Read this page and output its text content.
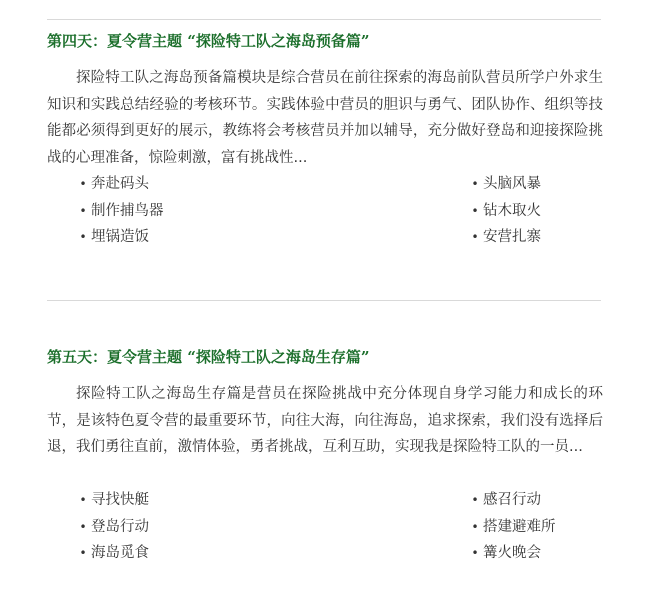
第四天：夏令营主题 “探险特工队之海岛预备篇”

探险特工队之海岛预备篇模块是综合营员在前往探索的海岛前队营员所学户外求生知识和实践总结经验的考核环节。实践体验中营员的胆识与勇气、团队协作、组织等技能都必须得到更好的展示，教练将会考核营员并加以辅导，充分做好登岛和迎接探险挑战的心理准备，惊险刺激，富有挑战性...

• 奔赴码头
• 制作捕鸟器
• 埋锅造饭
• 头脑风暴
• 钻木取火
• 安营扎寨
第五天：夏令营主题 “探险特工队之海岛生存篇”

探险特工队之海岛生存篇是营员在探险挑战中充分体现自身学习能力和成长的环节，是该特色夏令营的最重要环节，向往大海，向往海岛，追求探索，我们没有选择后退，我们勇往直前，激情体验，勇者挑战，互利互助，实现我是探险特工队的一员...

• 寻找快艇
• 登岛行动
• 海岛觅食
• 感召行动
• 搭建避难所
• 篝火晚会
